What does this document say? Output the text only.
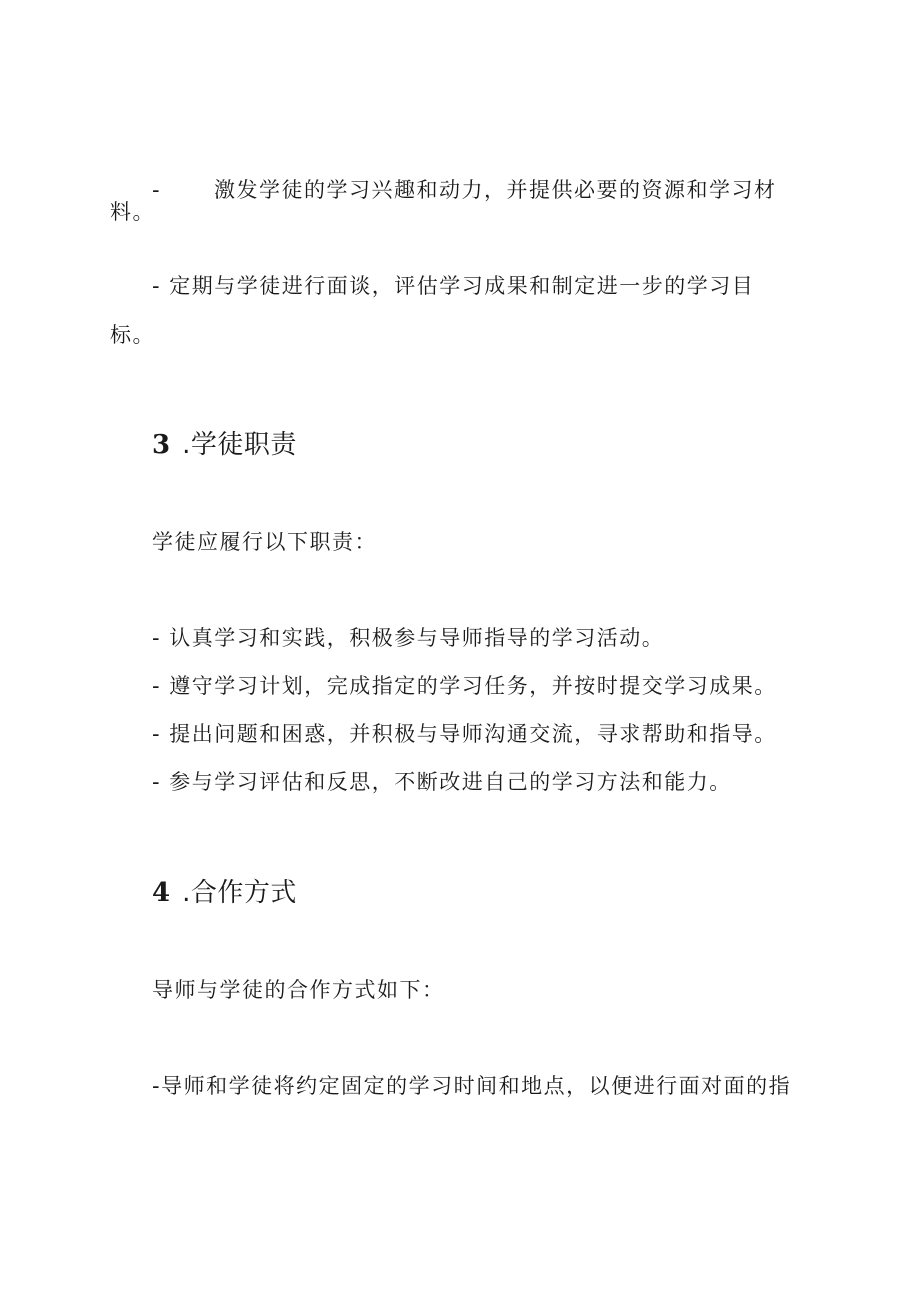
-	激发学徒的学习兴趣和动力，并提供必要的资源和学习材
料。
- 定期与学徒进行面谈，评估学习成果和制定进一步的学习目
标。
3 .学徒职责
学徒应履行以下职责：
- 认真学习和实践，积极参与导师指导的学习活动。
- 遵守学习计划，完成指定的学习任务，并按时提交学习成果。
- 提出问题和困惑，并积极与导师沟通交流，寻求帮助和指导。
- 参与学习评估和反思，不断改进自己的学习方法和能力。
4 .合作方式
导师与学徒的合作方式如下：
-导师和学徒将约定固定的学习时间和地点，以便进行面对面的指
